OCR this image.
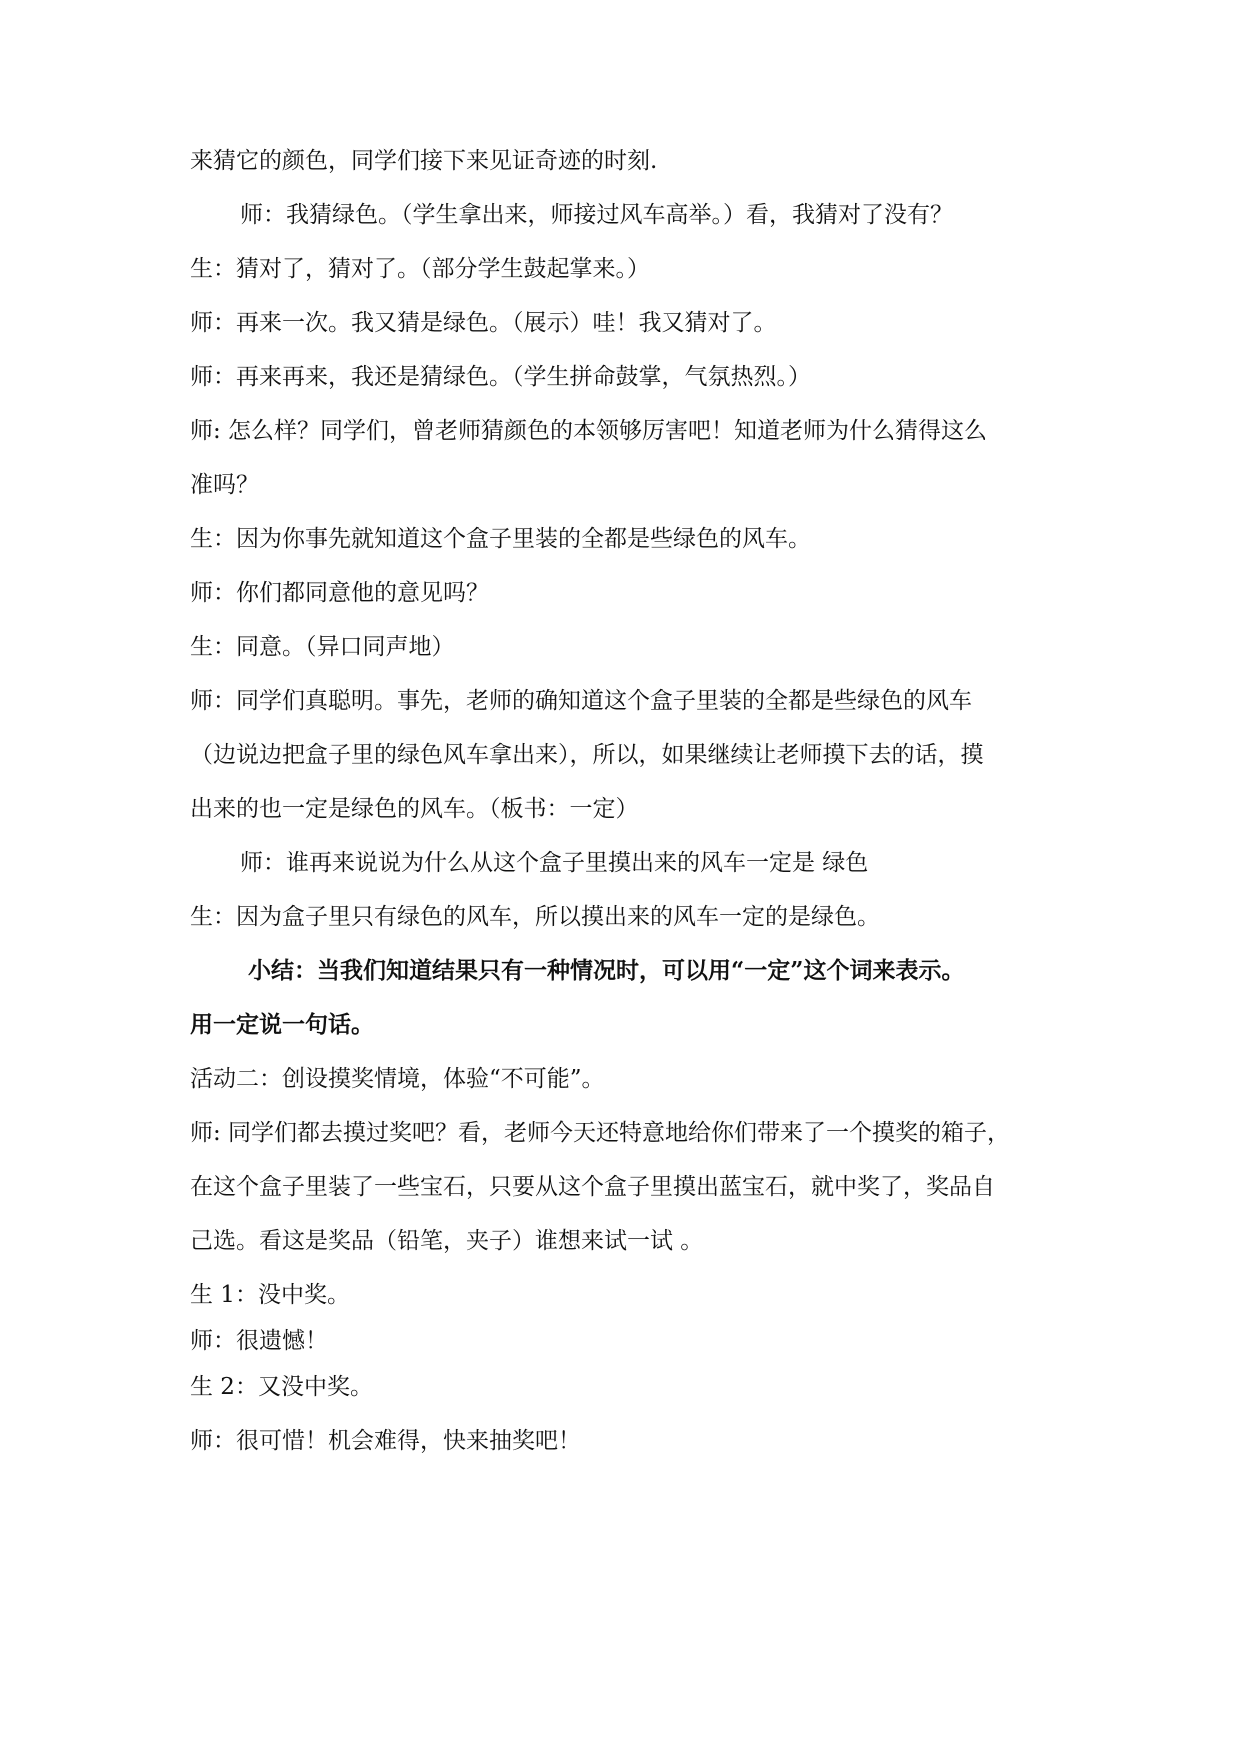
来猜它的颜色，同学们接下来见证奇迹的时刻.
师：我猜绿色。（学生拿出来，师接过风车高举。）看，我猜对了没有？
生：猜对了，猜对了。（部分学生鼓起掌来。）
师：再来一次。我又猜是绿色。（展示）哇！我又猜对了。
师：再来再来，我还是猜绿色。（学生拼命鼓掌，气氛热烈。）
师: 怎么样？同学们，曾老师猜颜色的本领够厉害吧！知道老师为什么猜得这么
准吗？
生：因为你事先就知道这个盒子里装的全都是些绿色的风车。
师：你们都同意他的意见吗？
生：同意。（异口同声地）
师：同学们真聪明。事先，老师的确知道这个盒子里装的全都是些绿色的风车
（边说边把盒子里的绿色风车拿出来），所以，如果继续让老师摸下去的话，摸
出来的也一定是绿色的风车。（板书：一定）
师：谁再来说说为什么从这个盒子里摸出来的风车一定是 绿色
生：因为盒子里只有绿色的风车，所以摸出来的风车一定的是绿色。
小结：当我们知道结果只有一种情况时，可以用“一定”这个词来表示。
用一定说一句话。
活动二：创设摸奖情境，体验“不可能”。
师: 同学们都去摸过奖吧？看，老师今天还特意地给你们带来了一个摸奖的箱子，
在这个盒子里装了一些宝石，只要从这个盒子里摸出蓝宝石，就中奖了，奖品自
己选。看这是奖品（铅笔，夹子）谁想来试一试 。
生 1：没中奖。
师：很遗憾！
生 2：又没中奖。
师：很可惜！机会难得，快来抽奖吧！
